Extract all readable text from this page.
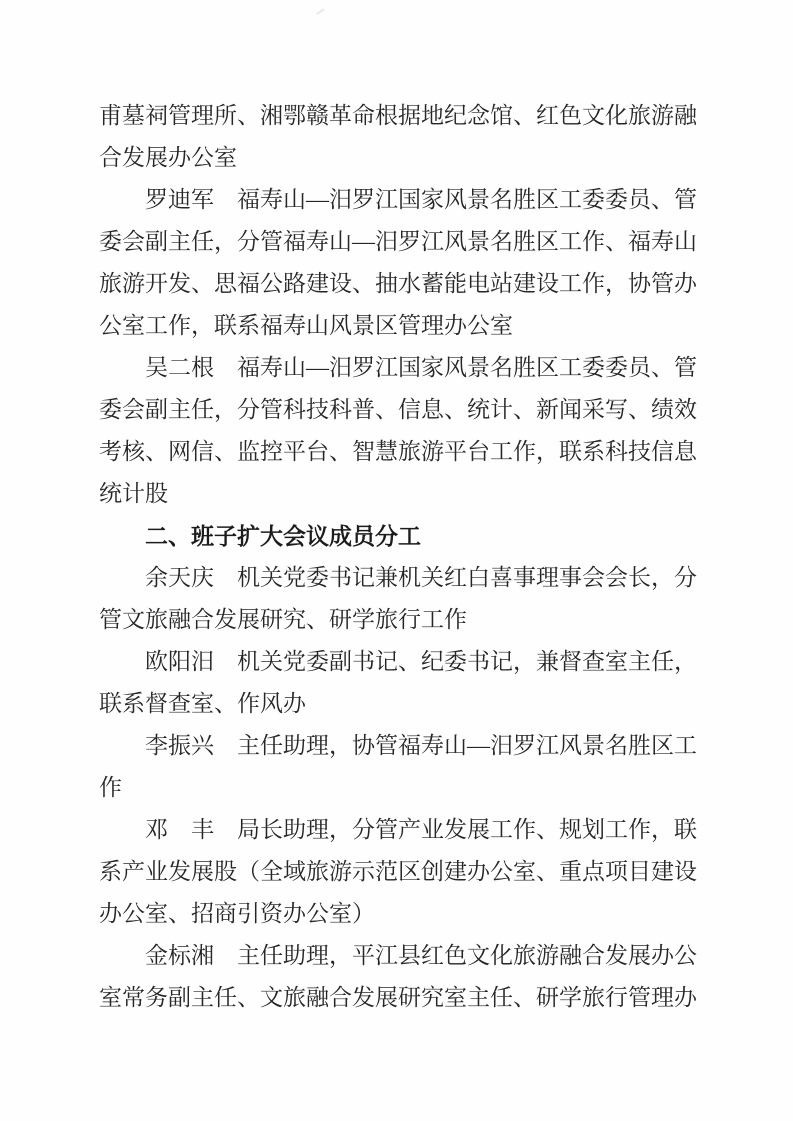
甫墓祠管理所、湘鄂赣革命根据地纪念馆、红色文化旅游融合发展办公室

罗迪军　福寿山—汨罗江国家风景名胜区工委委员、管委会副主任，分管福寿山—汨罗江风景名胜区工作、福寿山旅游开发、思福公路建设、抽水蓄能电站建设工作，协管办公室工作，联系福寿山风景区管理办公室

吴二根　福寿山—汨罗江国家风景名胜区工委委员、管委会副主任，分管科技科普、信息、统计、新闻采写、绩效考核、网信、监控平台、智慧旅游平台工作，联系科技信息统计股

二、班子扩大会议成员分工

余天庆　机关党委书记兼机关红白喜事理事会会长，分管文旅融合发展研究、研学旅行工作

欧阳汨　机关党委副书记、纪委书记，兼督查室主任，联系督查室、作风办

李振兴　主任助理，协管福寿山—汨罗江风景名胜区工作

邓　丰　局长助理，分管产业发展工作、规划工作，联系产业发展股（全域旅游示范区创建办公室、重点项目建设办公室、招商引资办公室）

金标湘　主任助理，平江县红色文化旅游融合发展办公室常务副主任、文旅融合发展研究室主任、研学旅行管理办
